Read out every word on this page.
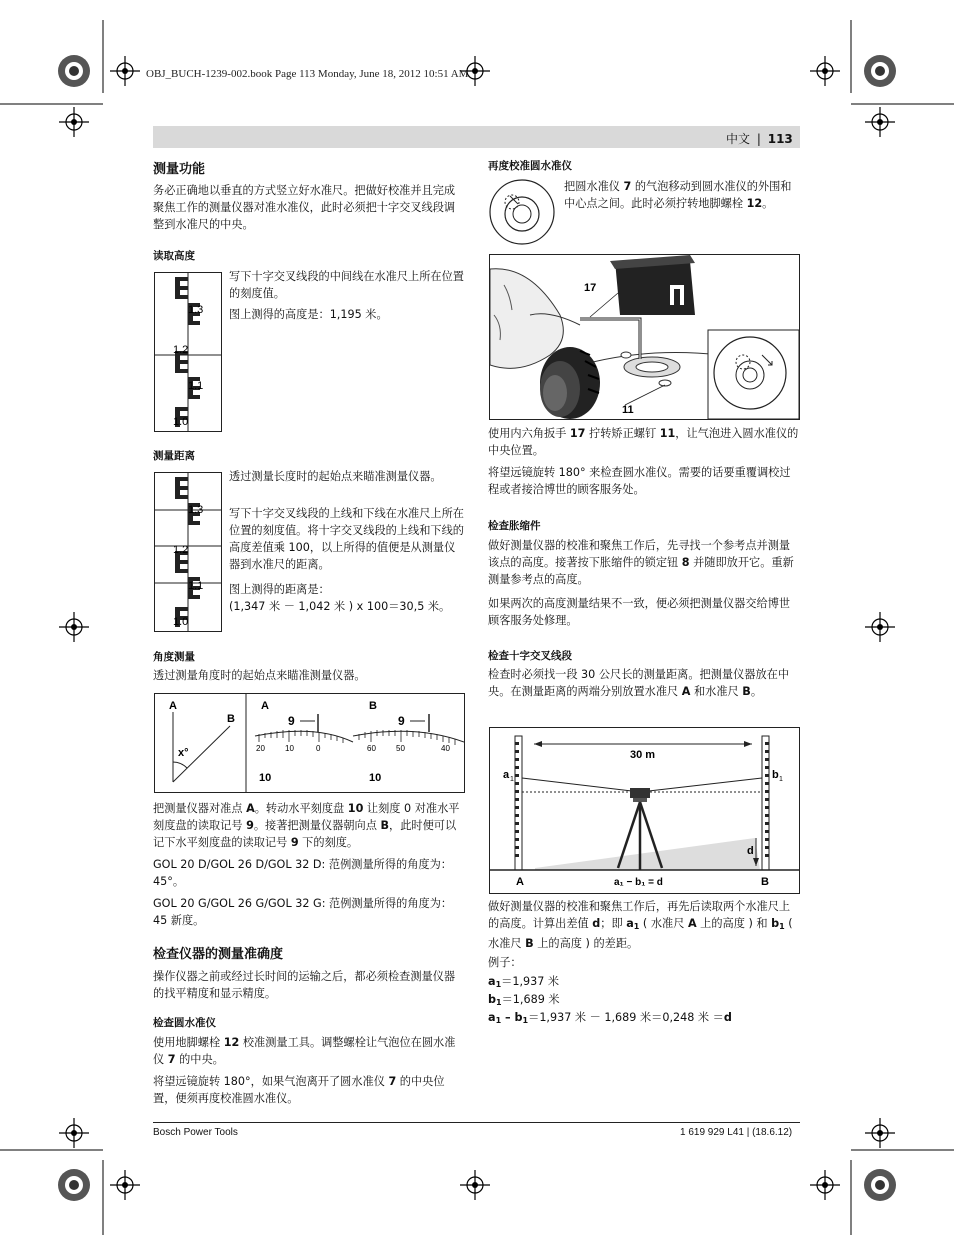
OBJ_BUCH-1239-002.book Page 113 Monday, June 18, 2012 10:51 AM
中文 | 113
测量功能
务必正确地以垂直的方式竖立好水准尺。把做好校准并且完成聚焦工作的测量仪器对准水准仪，此时必须把十字交叉线段调整到水准尺的中央。
读取高度
1.3
1.2
1.1
1.0
写下十字交叉线段的中间线在水准尺上所在位置的刻度值。
图上测得的高度是：1,195 米。
测量距离
1.3
1.2
1.1
1.0
透过测量长度时的起始点来瞄准测量仪器。
写下十字交叉线段的上线和下线在水准尺上所在位置的刻度值。将十字交叉线段的上线和下线的高度差值乘 100，以上所得的值便是从测量仪器到水准尺的距离。
图上测得的距离是：
(1,347 米 － 1,042 米 ) x 100＝30,5 米。
角度测量
透过测量角度时的起始点来瞄准测量仪器。
A
B
x°
A	B
9	9
20	10	0	60	50	40
10	10
把测量仪器对准点 A。转动水平刻度盘 10 让刻度 0 对准水平刻度盘的读取记号 9。接著把测量仪器朝向点 B，此时便可以记下水平刻度盘的读取记号 9 下的刻度。
GOL 20 D/GOL 26 D/GOL 32 D: 范例测量所得的角度为：45°。
GOL 20 G/GOL 26 G/GOL 32 G: 范例测量所得的角度为：45 新度。
检查仪器的测量准确度
操作仪器之前或经过长时间的运输之后，都必须检查测量仪器的找平精度和显示精度。
检查圆水准仪
使用地脚螺栓 12 校准测量工具。调整螺栓让气泡位在圆水准仪 7 的中央。
将望远镜旋转 180°，如果气泡离开了圆水准仪 7 的中央位置，便须再度校准圆水准仪。
再度校准圆水准仪
把圆水准仪 7 的气泡移动到圆水准仪的外围和中心点之间。此时必须拧转地脚螺栓 12。
17
11
使用内六角扳手 17 拧转矫正螺钉 11，让气泡进入圆水准仪的中央位置。
将望远镜旋转 180° 来检查圆水准仪。需要的话要重覆调校过程或者接洽博世的顾客服务处。
检查胀缩件
做好测量仪器的校准和聚焦工作后，先寻找一个参考点并测量该点的高度。接著按下胀缩件的锁定钮 8 并随即放开它。重新测量参考点的高度。
如果两次的高度测量结果不一致，便必须把测量仪器交给博世顾客服务处修理。
检查十字交叉线段
检查时必须找一段 30 公尺长的测量距离。把测量仪器放在中央。在测量距离的两端分别放置水准尺 A 和水准尺 B。
30 m
a 1	b 1
d
A	B
a₁ − b₁ = d
做好测量仪器的校准和聚焦工作后，再先后读取两个水准尺上的高度。计算出差值 d；即 a1 ( 水准尺 A 上的高度 ) 和 b1 ( 水准尺 B 上的高度 ) 的差距。
例子：
a1＝1,937 米
b1＝1,689 米
a1 – b1＝1,937 米 － 1,689 米＝0,248 米 ＝d
Bosch Power Tools	1 619 929 L41 | (18.6.12)
